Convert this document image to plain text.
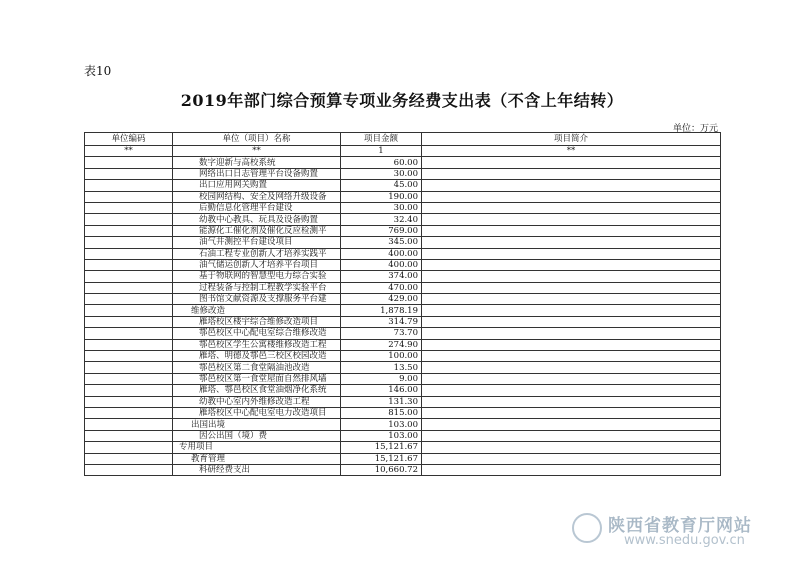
表10
2019年部门综合预算专项业务经费支出表（不含上年结转）
单位：万元
单位编码	单位（项目）名称	项目金额	项目简介
**	**	1	**
	数字迎新与高校系统	60.00	
	网络出口日志管理平台设备购置	30.00	
	出口应用网关购置	45.00	
	校园网结构、安全及网络升级设备	190.00	
	后勤信息化管理平台建设	30.00	
	幼教中心教具、玩具及设备购置	32.40	
	能源化工催化剂及催化反应检测平	769.00	
	油气井测控平台建设项目	345.00	
	石油工程专业创新人才培养实践平	400.00	
	油气储运创新人才培养平台项目	400.00	
	基于物联网的智慧型电力综合实验	374.00	
	过程装备与控制工程教学实验平台	470.00	
	图书馆文献资源及支撑服务平台建	429.00	
	维修改造	1,878.19	
	雁塔校区楼宇综合维修改造项目	314.79	
	鄠邑校区中心配电室综合维修改造	73.70	
	鄠邑校区学生公寓楼维修改造工程	274.90	
	雁塔、明德及鄠邑三校区校园改造	100.00	
	鄠邑校区第二食堂隔油池改造	13.50	
	鄠邑校区第一食堂屋面自然排风墙	9.00	
	雁塔、鄠邑校区食堂油烟净化系统	146.00	
	幼教中心室内外维修改造工程	131.30	
	雁塔校区中心配电室电力改造项目	815.00	
	出国出境	103.00	
	因公出国（境）费	103.00	
	专用项目	15,121.67	
	教育管理	15,121.67	
	科研经费支出	10,660.72	
陕西省教育厅网站
www.snedu.gov.cn
